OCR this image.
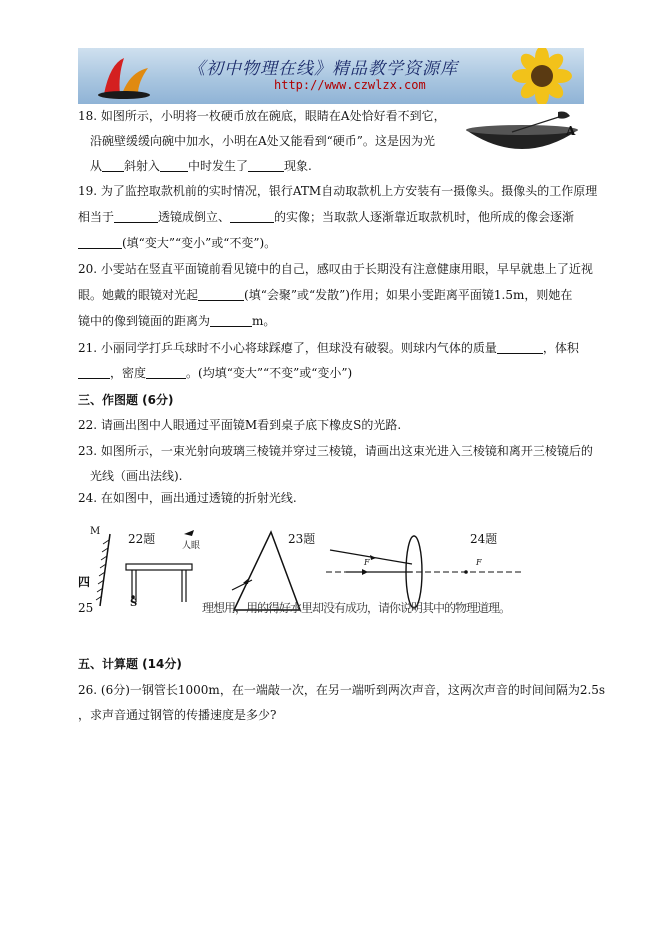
《初中物理在线》精品教学资源库
http://www.czwlzx.com
18. 如图所示，小明将一枚硬币放在碗底，眼睛在A处恰好看不到它，
沿碗壁缓缓向碗中加水，小明在A处又能看到“硬币”。这是因为光
从 斜射入 中时发生了	现象.
A
19. 为了监控取款机前的实时情况，银行ATM自动取款机上方安装有一摄像头。摄像头的工作原理
相当于	透镜成倒立、	的实像；当取款人逐渐靠近取款机时，他所成的像会逐渐
(填“变大”“变小”或“不变”)。
20. 小雯站在竖直平面镜前看见镜中的自己，感叹由于长期没有注意健康用眼，早早就患上了近视
眼。她戴的眼镜对光起	(填“会聚”或“发散”)作用；如果小雯距离平面镜1.5m，则她在
镜中的像到镜面的距离为	m。
21. 小丽同学打乒乓球时不小心将球踩瘪了，但球没有破裂。则球内气体的质量	，体积
，密度	。(均填“变大”“不变”或“变小”)
三、作图题 (6分)
22. 请画出图中人眼通过平面镜M看到桌子底下橡皮S的光路.
23. 如图所示，一束光射向玻璃三棱镜并穿过三棱镜，请画出这束光进入三棱镜和离开三棱镜后的
光线（画出法线).
24. 在如图中，画出通过透镜的折射光线.
22题	23题	24题
M
人眼
S
F	F
四
25	理想用，用的得好水里却没有成功，请你说明其中的物理道理。
五、计算题 (14分)
26. (6分)一钢管长1000m，在一端敲一次，在另一端听到两次声音，这两次声音的时间间隔为2.5s
，求声音通过钢管的传播速度是多少?
